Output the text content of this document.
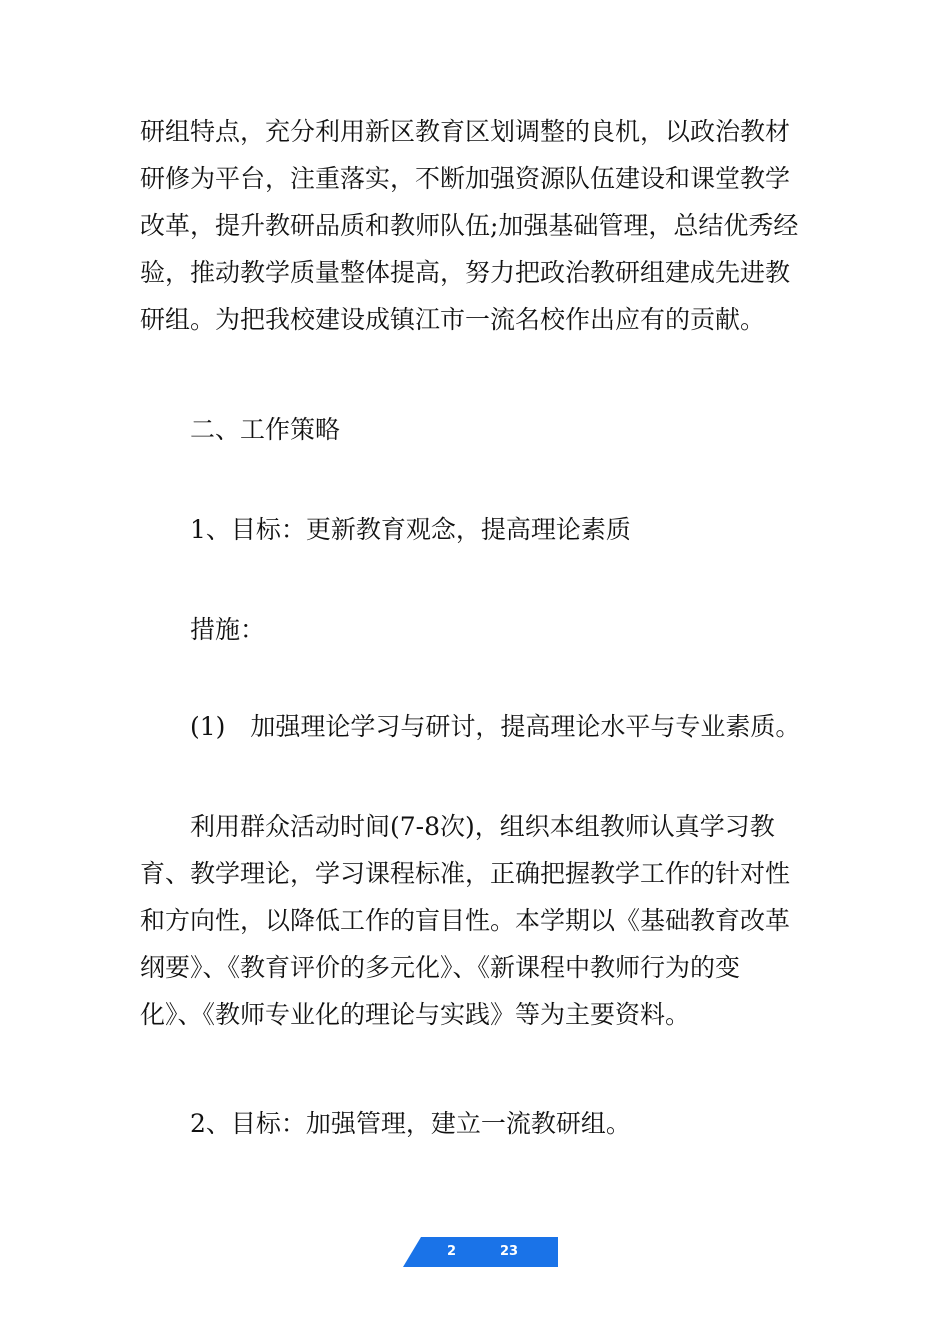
研组特点，充分利用新区教育区划调整的良机，以政治教材
研修为平台，注重落实，不断加强资源队伍建设和课堂教学
改革，提升教研品质和教师队伍;加强基础管理，总结优秀经
验，推动教学质量整体提高，努力把政治教研组建成先进教
研组。为把我校建设成镇江市一流名校作出应有的贡献。

二、工作策略

1、目标：更新教育观念，提高理论素质

措施：

(1)　加强理论学习与研讨，提高理论水平与专业素质。

利用群众活动时间(7-8次)，组织本组教师认真学习教
育、教学理论，学习课程标准，正确把握教学工作的针对性
和方向性，以降低工作的盲目性。本学期以《基础教育改革
纲要》、《教育评价的多元化》、《新课程中教师行为的变
化》、《教师专业化的理论与实践》等为主要资料。

2、目标：加强管理，建立一流教研组。

2	23
